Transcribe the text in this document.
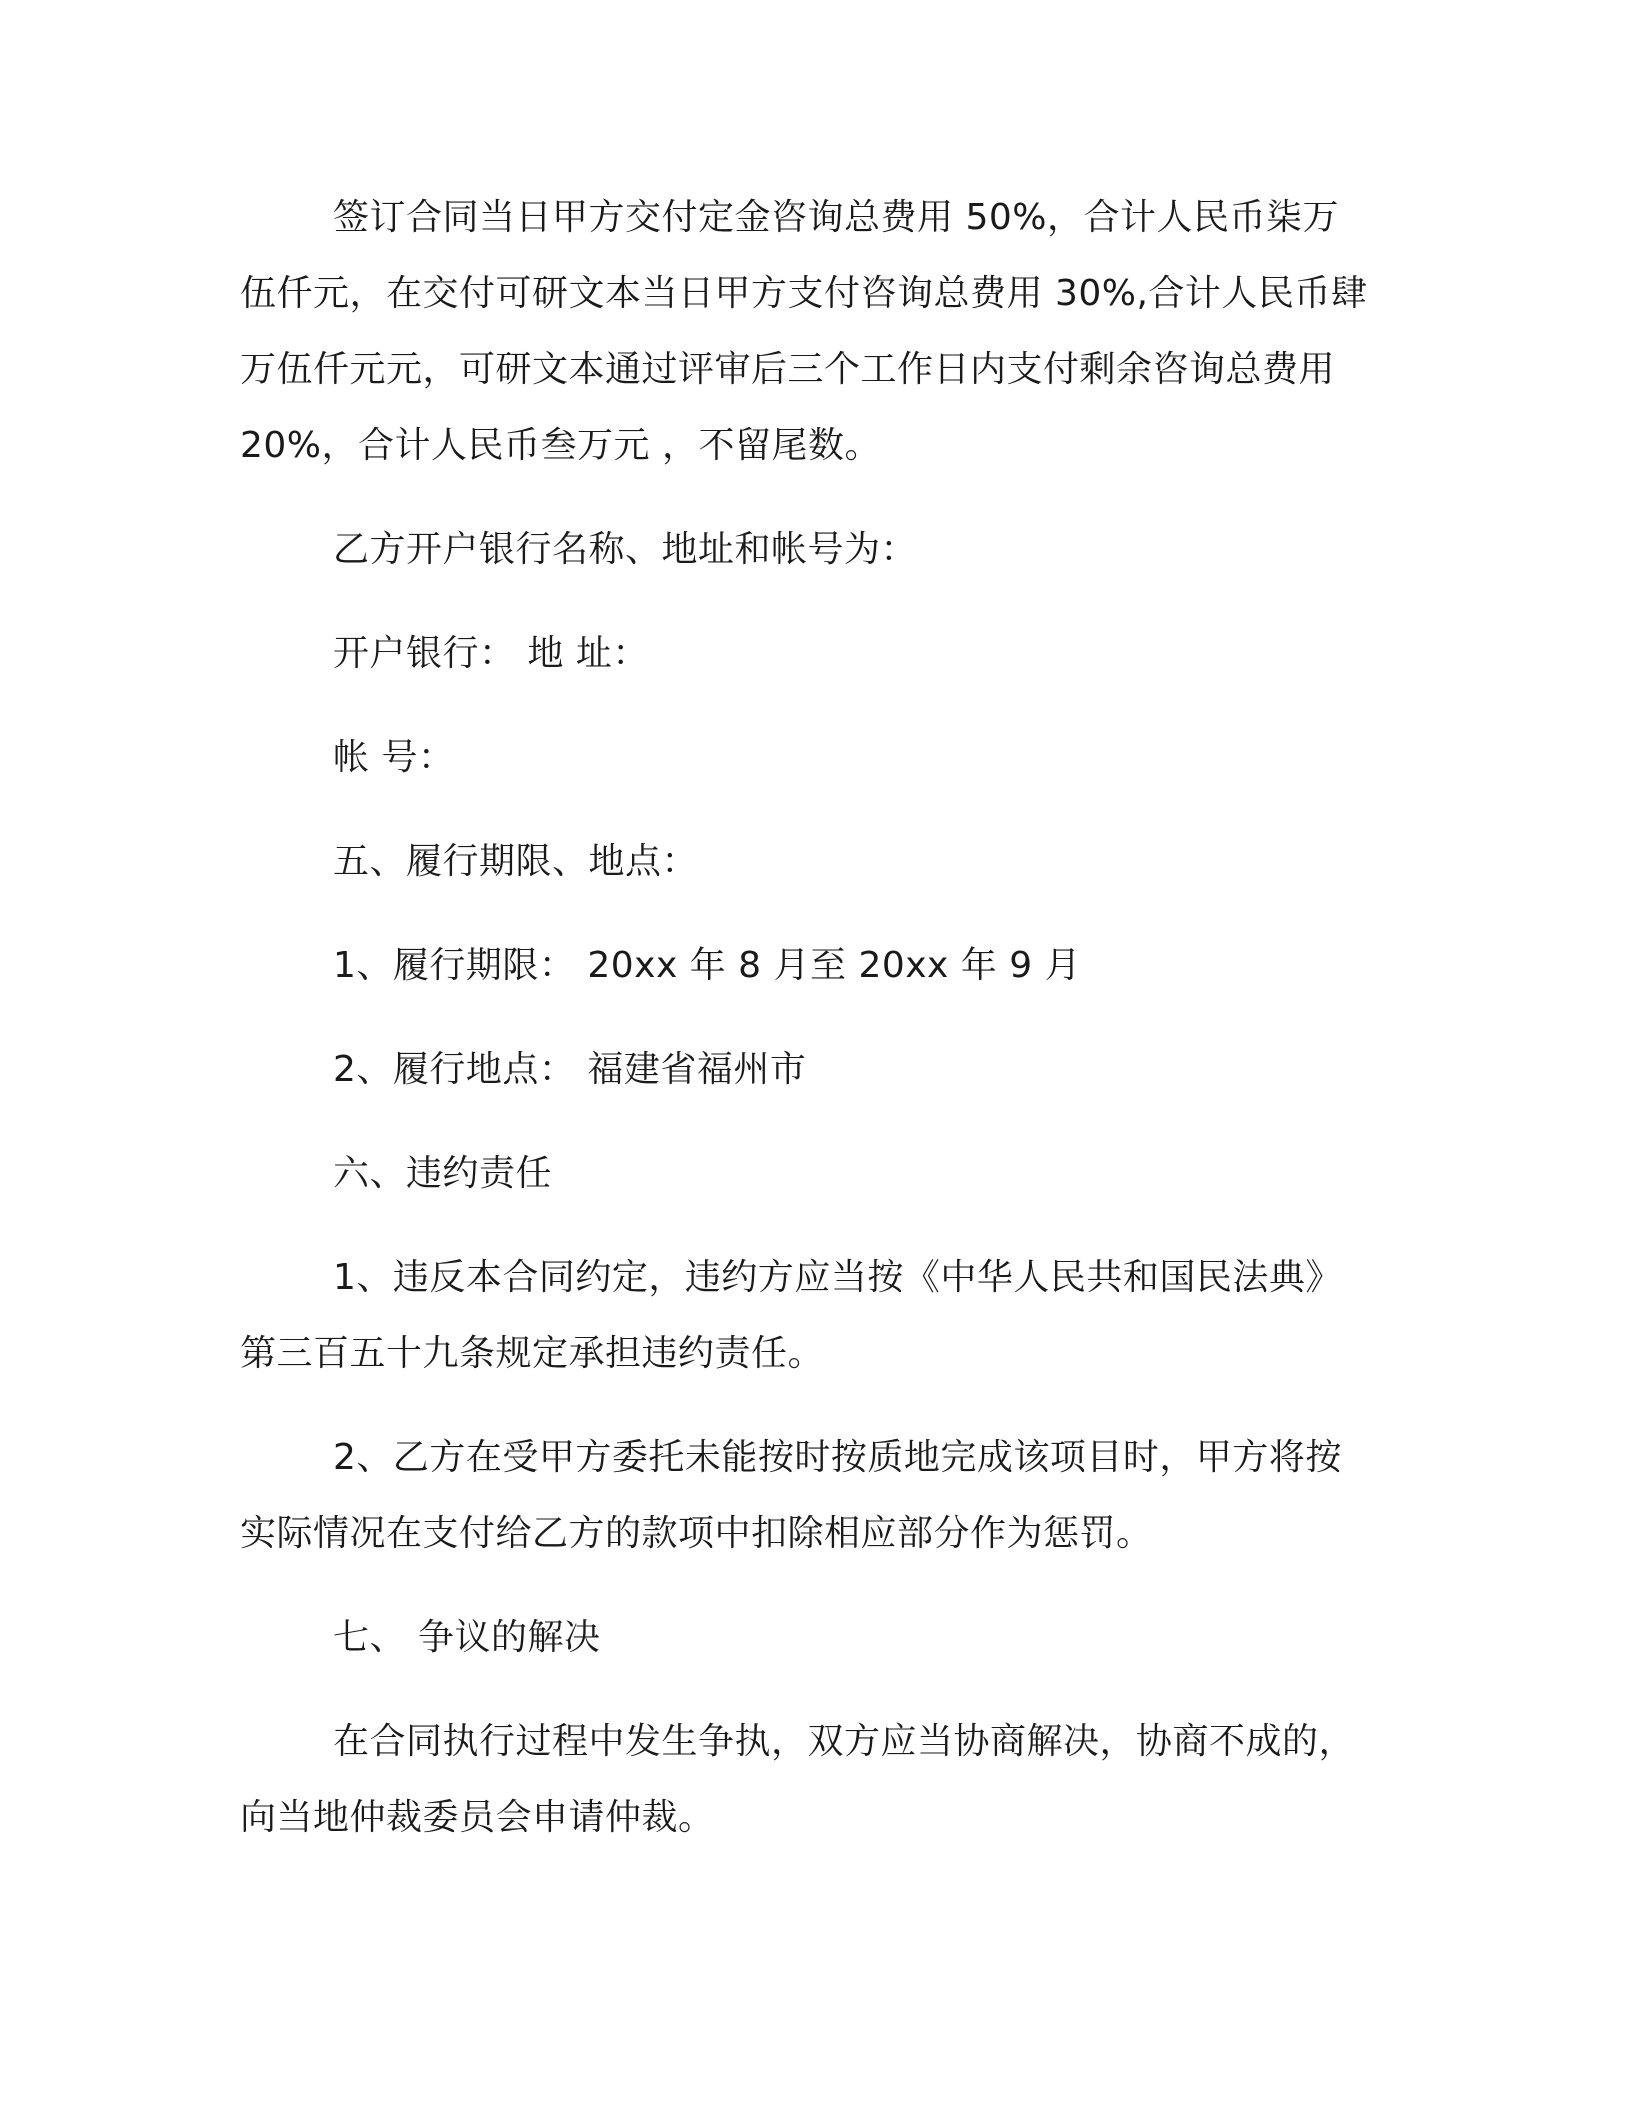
签订合同当日甲方交付定金咨询总费用 50%，合计人民币柒万
伍仟元，在交付可研文本当日甲方支付咨询总费用 30%,合计人民币肆
万伍仟元元，可研文本通过评审后三个工作日内支付剩余咨询总费用
20%，合计人民币叁万元 ，不留尾数。
乙方开户银行名称、地址和帐号为：
开户银行： 地 址：
帐 号：
五、履行期限、地点：
1、履行期限： 20xx 年 8 月至 20xx 年 9 月
2、履行地点： 福建省福州市
六、违约责任
1、违反本合同约定，违约方应当按《中华人民共和国民法典》
第三百五十九条规定承担违约责任。
2、乙方在受甲方委托未能按时按质地完成该项目时，甲方将按
实际情况在支付给乙方的款项中扣除相应部分作为惩罚。
七、 争议的解决
在合同执行过程中发生争执，双方应当协商解决，协商不成的，
向当地仲裁委员会申请仲裁。
